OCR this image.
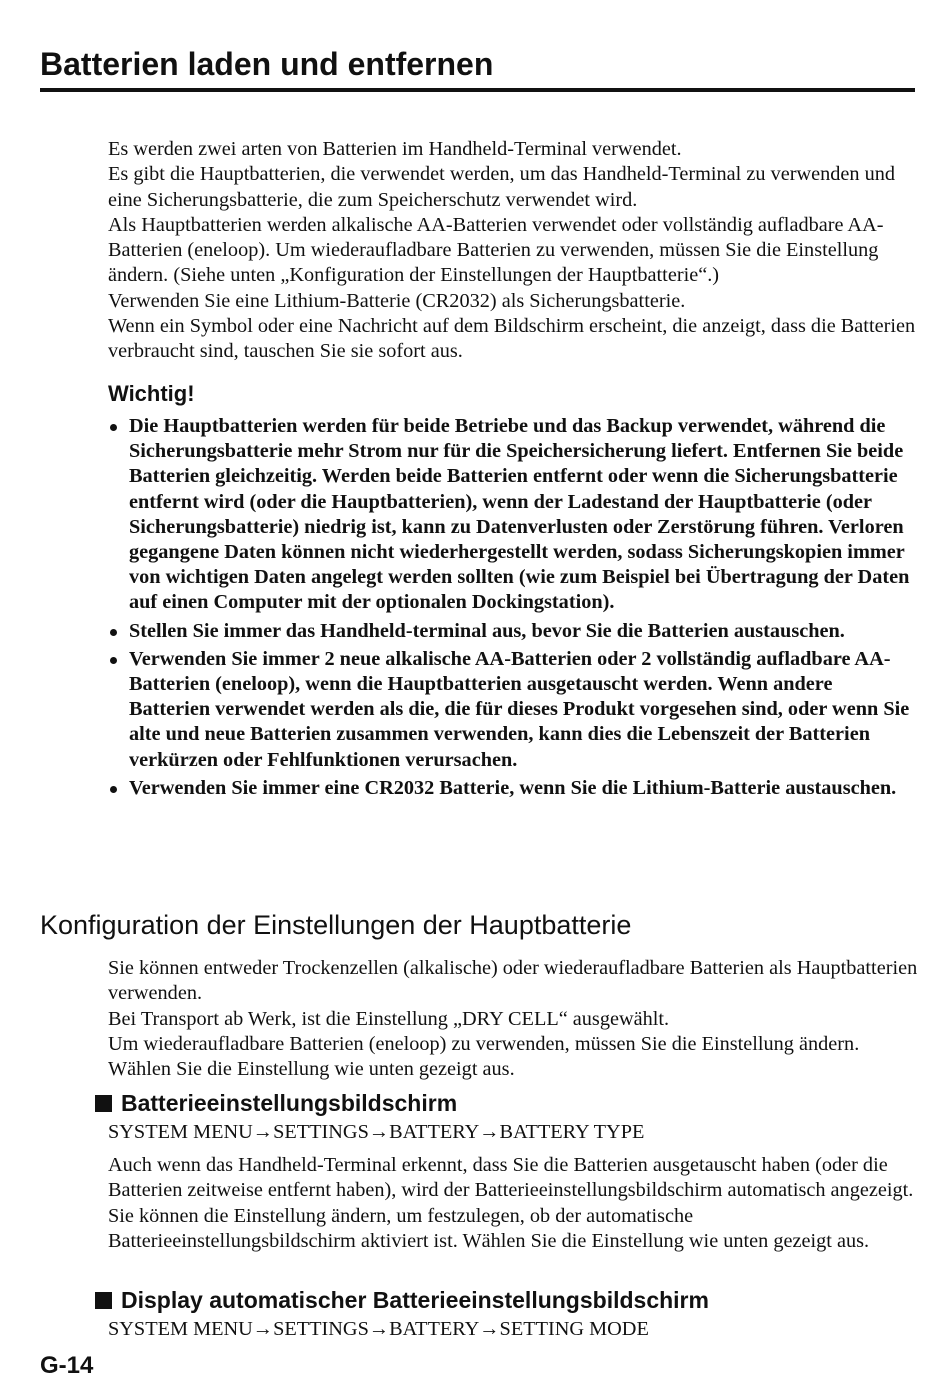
Batterien laden und entfernen

Es werden zwei arten von Batterien im Handheld-Terminal verwendet.

Es gibt die Hauptbatterien, die verwendet werden, um das Handheld-Terminal zu verwenden und eine Sicherungsbatterie, die zum Speicherschutz verwendet wird.

Als Hauptbatterien werden alkalische AA-Batterien verwendet oder vollständig aufladbare AA-Batterien (eneloop). Um wiederaufladbare Batterien zu verwenden, müssen Sie die Einstellung ändern. (Siehe unten „Konfiguration der Einstellungen der Hauptbatterie“.)

Verwenden Sie eine Lithium-Batterie (CR2032) als Sicherungsbatterie.

Wenn ein Symbol oder eine Nachricht auf dem Bildschirm erscheint, die anzeigt, dass die Batterien verbraucht sind, tauschen Sie sie sofort aus.

Wichtig!
Die Hauptbatterien werden für beide Betriebe und das Backup verwendet, während die Sicherungsbatterie mehr Strom nur für die Speichersicherung liefert. Entfernen Sie beide Batterien gleichzeitig. Werden beide Batterien entfernt oder wenn die Sicherungsbatterie entfernt wird (oder die Hauptbatterien), wenn der Ladestand der Hauptbatterie (oder Sicherungsbatterie) niedrig ist, kann zu Datenverlusten oder Zerstörung führen. Verloren gegangene Daten können nicht wiederhergestellt werden, sodass Sicherungskopien immer von wichtigen Daten angelegt werden sollten (wie zum Beispiel bei Übertragung der Daten auf einen Computer mit der optionalen Dockingstation).
Stellen Sie immer das Handheld-terminal aus, bevor Sie die Batterien austauschen.
Verwenden Sie immer 2 neue alkalische AA-Batterien oder 2 vollständig aufladbare AA-Batterien (eneloop), wenn die Hauptbatterien ausgetauscht werden. Wenn andere Batterien verwendet werden als die, die für dieses Produkt vorgesehen sind, oder wenn Sie alte und neue Batterien zusammen verwenden, kann dies die Lebenszeit der Batterien verkürzen oder Fehlfunktionen verursachen.
Verwenden Sie immer eine CR2032 Batterie, wenn Sie die Lithium-Batterie austauschen.
Konfiguration der Einstellungen der Hauptbatterie

Sie können entweder Trockenzellen (alkalische) oder wiederaufladbare Batterien als Hauptbatterien verwenden.

Bei Transport ab Werk, ist die Einstellung „DRY CELL“ ausgewählt.

Um wiederaufladbare Batterien (eneloop) zu verwenden, müssen Sie die Einstellung ändern. Wählen Sie die Einstellung wie unten gezeigt aus.

Batterieeinstellungsbildschirm

SYSTEM MENU→SETTINGS→BATTERY→BATTERY TYPE

Auch wenn das Handheld-Terminal erkennt, dass Sie die Batterien ausgetauscht haben (oder die Batterien zeitweise entfernt haben), wird der Batterieeinstellungsbildschirm automatisch angezeigt.

Sie können die Einstellung ändern, um festzulegen, ob der automatische Batterieeinstellungsbildschirm aktiviert ist. Wählen Sie die Einstellung wie unten gezeigt aus.

Display automatischer Batterieeinstellungsbildschirm

SYSTEM MENU→SETTINGS→BATTERY→SETTING MODE

G-14
